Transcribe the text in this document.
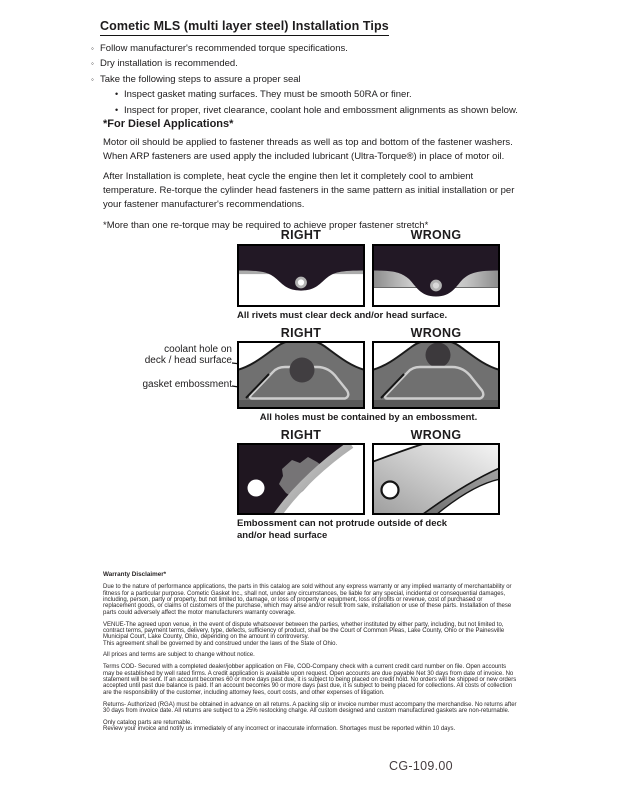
Cometic MLS (multi layer steel) Installation Tips
◦
Follow manufacturer's recommended torque specifications.
◦
Dry installation is recommended.
◦
Take the following steps to assure a proper seal
•
Inspect gasket mating surfaces. They must be smooth 50RA or finer.
•
Inspect for proper, rivet clearance, coolant hole and embossment alignments as shown below.
*For Diesel Applications*
Motor oil should be applied to fastener threads as well as top and bottom of the fastener washers. When ARP fasteners are used apply the included lubricant (Ultra-Torque®) in place of motor oil.
After Installation is complete, heat cycle the engine then let it completely cool to ambient temperature. Re-torque the cylinder head fasteners in the same pattern as initial installation or per your fastener manufacturer's recommendations.
*More than one re-torque may be required to achieve proper fastener stretch*
RIGHT	WRONG
All rivets must clear deck and/or head surface.
RIGHT	WRONG
coolant hole on
deck / head surface
gasket embossment
All holes must be contained by an embossment.
RIGHT	WRONG
Embossment can not protrude outside of deck
and/or head surface

Warranty Disclaimer*

Due to the nature of performance applications, the parts in this catalog are sold without any express warranty or any implied warranty of merchantability or fitness for a particular purpose. Cometic Gasket Inc., shall not, under any circumstances, be liable for any special, incidental or consequential damages, including, person, party or property, but not limited to, damage, or loss of property or equipment, loss of profits or revenue, cost of purchased or replacement goods, or claims of customers of the purchase, which may arise and/or result from sale, installation or use of these parts. Installation of these parts could adversely affect the motor manufacturers warranty coverage.

VENUE-The agreed upon venue, in the event of dispute whatsoever between the parties, whether instituted by either party, including, but not limited to, contract terms, payment terms, delivery, type, defects, sufficiency of product, shall be the Court of Common Pleas, Lake County, Ohio or the Painesville Municipal Court, Lake County, Ohio, depending on the amount in controversy.

This agreement shall be governed by and construed under the laws of the State of Ohio.

All prices and terms are subject to change without notice.

Terms COD- Secured with a completed dealer/jobber application on File, COD-Company check with a current credit card number on file. Open accounts may be established by well rated firms. A credit application is available upon request. Open accounts are due payable Net 30 days from date of invoice. No statement will be sent. If an account becomes 60 or more days past due, it is subject to being placed on credit hold. No orders will be shipped or new orders accepted until past due balance is paid. If an account becomes 90 or more days past due, it is subject to being placed for collections. All costs of collection are the responsibility of the customer, including attorney fees, court costs, and other expenses of litigation.

Returns- Authorized (RGA) must be obtained in advance on all returns. A packing slip or invoice number must accompany the merchandise. No returns after 30 days from invoice date. All returns are subject to a 25% restocking charge. All custom designed and custom manufactured gaskets are non-returnable.

Only catalog parts are returnable.

Review your invoice and notify us immediately of any incorrect or inaccurate information. Shortages must be reported within 10 days.

CG-109.00
